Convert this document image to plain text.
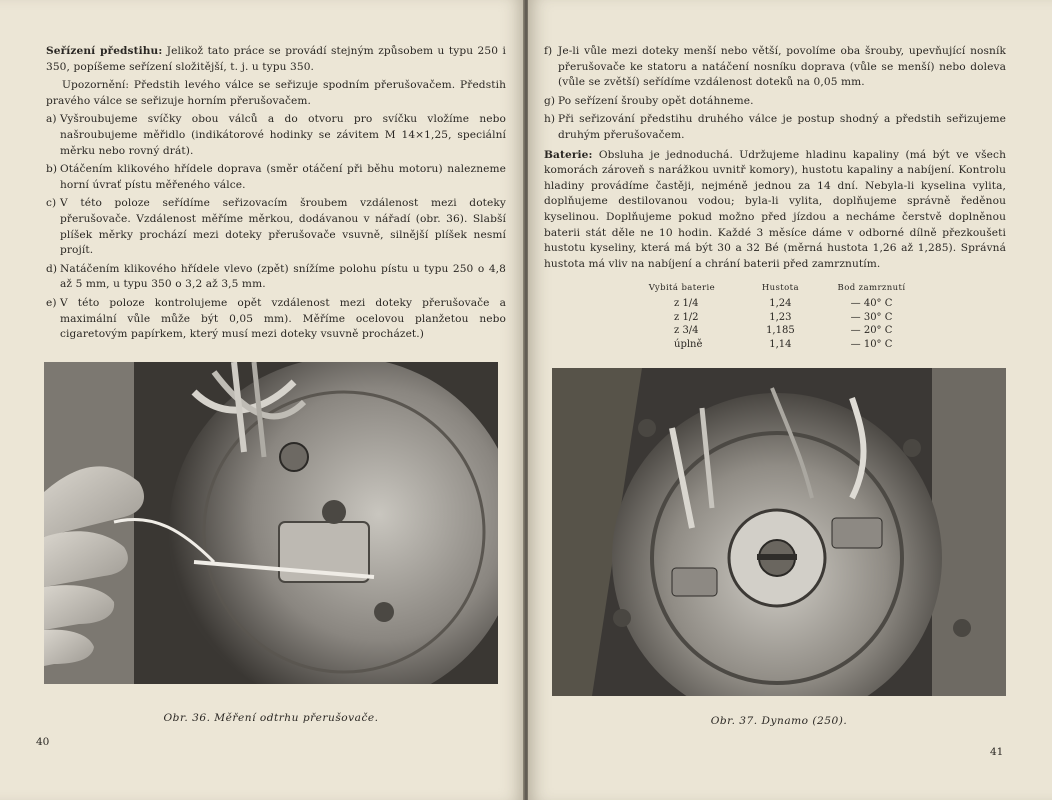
Seřízení předstihu: Jelikož tato práce se provádí stejným způsobem u typu 250 i 350, popíšeme seřízení složitější, t. j. u typu 350.

Upozornění: Předstih levého válce se seřizuje spodním přerušovačem. Předstih pravého válce se seřizuje horním přerušovačem.

a) Vyšroubujeme svíčky obou válců a do otvoru pro svíčku vložíme nebo našroubujeme měřidlo (indikátorové hodinky se závitem M 14×1,25, speciální měrku nebo rovný drát).
b) Otáčením klikového hřídele doprava (směr otáčení při běhu motoru) nalezneme horní úvrať pístu měřeného válce.
c) V této poloze seřídíme seřizovacím šroubem vzdálenost mezi doteky přerušovače. Vzdálenost měříme měrkou, dodávanou v nářadí (obr. 36). Slabší plíšek měrky prochází mezi doteky přerušovače vsuvně, silnější plíšek nesmí projít.
d) Natáčením klikového hřídele vlevo (zpět) snížíme polohu pístu u typu 250 o 4,8 až 5 mm, u typu 350 o 3,2 až 3,5 mm.
e) V této poloze kontrolujeme opět vzdálenost mezi doteky přerušovače a maximální vůle může být 0,05 mm). Měříme ocelovou planžetou nebo cigaretovým papírkem, který musí mezi doteky vsuvně procházet.)
Obr. 36. Měření odtrhu přerušovače.
40
f) Je-li vůle mezi doteky menší nebo větší, povolíme oba šrouby, upevňující nosník přerušovače ke statoru a natáčení nosníku doprava (vůle se menší) nebo doleva (vůle se zvětší) seřídíme vzdálenost doteků na 0,05 mm.
g) Po seřízení šrouby opět dotáhneme.
h) Při seřizování předstihu druhého válce je postup shodný a předstih seřizujeme druhým přerušovačem.

Baterie: Obsluha je jednoduchá. Udržujeme hladinu kapaliny (má být ve všech komorách zároveň s narážkou uvnitř komory), hustotu kapaliny a nabíjení. Kontrolu hladiny provádíme častěji, nejméně jednou za 14 dní. Nebyla-li kyselina vylita, doplňujeme destilovanou vodou; byla-li vylita, doplňujeme správně ředěnou kyselinou. Doplňujeme pokud možno před jízdou a necháme čerstvě doplněnou baterii stát děle ne 10 hodin. Každé 3 měsíce dáme v odborné dílně přezkoušeti hustotu kyseliny, která má být 30 a 32 Bé (měrná hustota 1,26 až 1,285). Správná hustota má vliv na nabíjení a chrání baterii před zamrznutím.

Vybitá baterie	Hustota	Bod zamrznutí
z 1/4	1,24	— 40° C
z 1/2	1,23	— 30° C
z 3/4	1,185	— 20° C
úplně	1,14	— 10° C
Obr. 37. Dynamo (250).
41
